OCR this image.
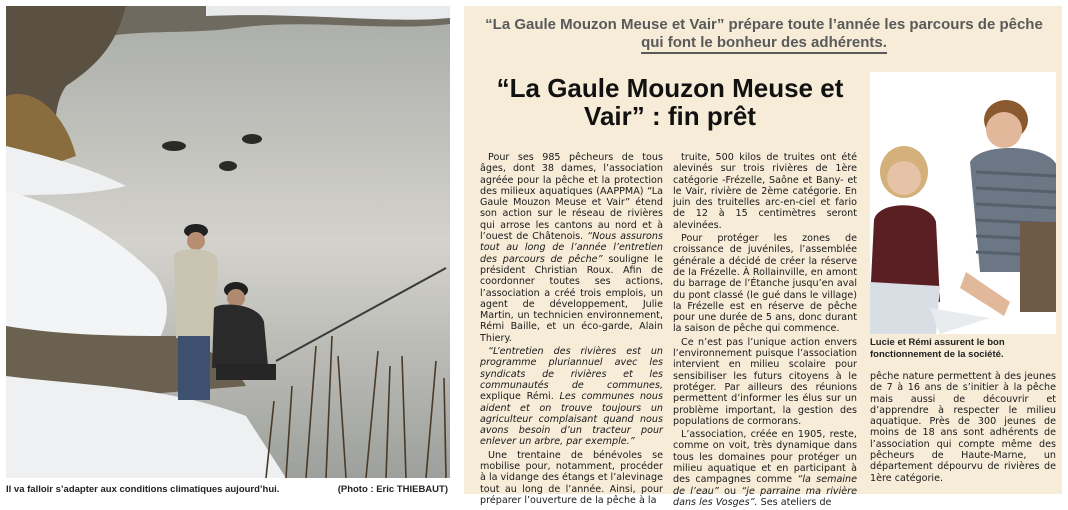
Il va falloir s’adapter aux conditions climatiques aujourd’hui.	(Photo : Eric THIEBAUT)
“La Gaule Mouzon Meuse et Vair” prépare toute l’année les parcours de pêche
qui font le bonheur des adhérents.
“La Gaule Mouzon Meuse et Vair” : fin prêt

Pour ses 985 pêcheurs de tous âges, dont 38 dames, l’association agréée pour la pêche et la protection des milieux aquatiques (AAPPMA) “La Gaule Mouzon Meuse et Vair” étend son action sur le réseau de rivières qui arrose les cantons au nord et à l’ouest de Châtenois. “Nous assurons tout au long de l’année l’entretien des parcours de pêche” souligne le président Christian Roux. Afin de coordonner toutes ses actions, l’association a créé trois emplois, un agent de développement, Julie Martin, un technicien environnement, Rémi Baille, et un éco-garde, Alain Thiery.

“L’entretien des rivières est un programme pluriannuel avec les syndicats de rivières et les communautés de communes, explique Rémi. Les communes nous aident et on trouve toujours un agriculteur complaisant quand nous avons besoin d’un tracteur pour enlever un arbre, par exemple.”

Une trentaine de bénévoles se mobilise pour, notamment, procéder à la vidange des étangs et l’alevinage tout au long de l’année. Ainsi, pour préparer l’ouverture de la pêche à la

truite, 500 kilos de truites ont été alevinés sur trois rivières de 1ère catégorie -Frézelle, Saône et Bany- et le Vair, rivière de 2ème catégorie. En juin des truitelles arc-en-ciel et fario de 12 à 15 centimètres seront alevinées.

Pour protéger les zones de croissance de juvéniles, l’assemblée générale a décidé de créer la réserve de la Frézelle. À Rollainville, en amont du barrage de l’Étanche jusqu’en aval du pont classé (le gué dans le village) la Frézelle est en réserve de pêche pour une durée de 5 ans, donc durant la saison de pêche qui commence.

Ce n’est pas l’unique action envers l’environnement puisque l’association intervient en milieu scolaire pour sensibiliser les futurs citoyens à le protéger. Par ailleurs des réunions permettent d’informer les élus sur un problème important, la gestion des populations de cormorans.

L’association, créée en 1905, reste, comme on voit, très dynamique dans tous les domaines pour protéger un milieu aquatique et en participant à des campagnes comme “la semaine de l’eau” ou “je parraine ma rivière dans les Vosges”. Ses ateliers de

Lucie et Rémi assurent le bon fonctionnement de la société.

pêche nature permettent à des jeunes de 7 à 16 ans de s’initier à la pêche mais aussi de découvrir et d’apprendre à respecter le milieu aquatique. Près de 300 jeunes de moins de 18 ans sont adhérents de l’association qui compte même des pêcheurs de Haute-Marne, un département dépourvu de rivières de 1ère catégorie.
